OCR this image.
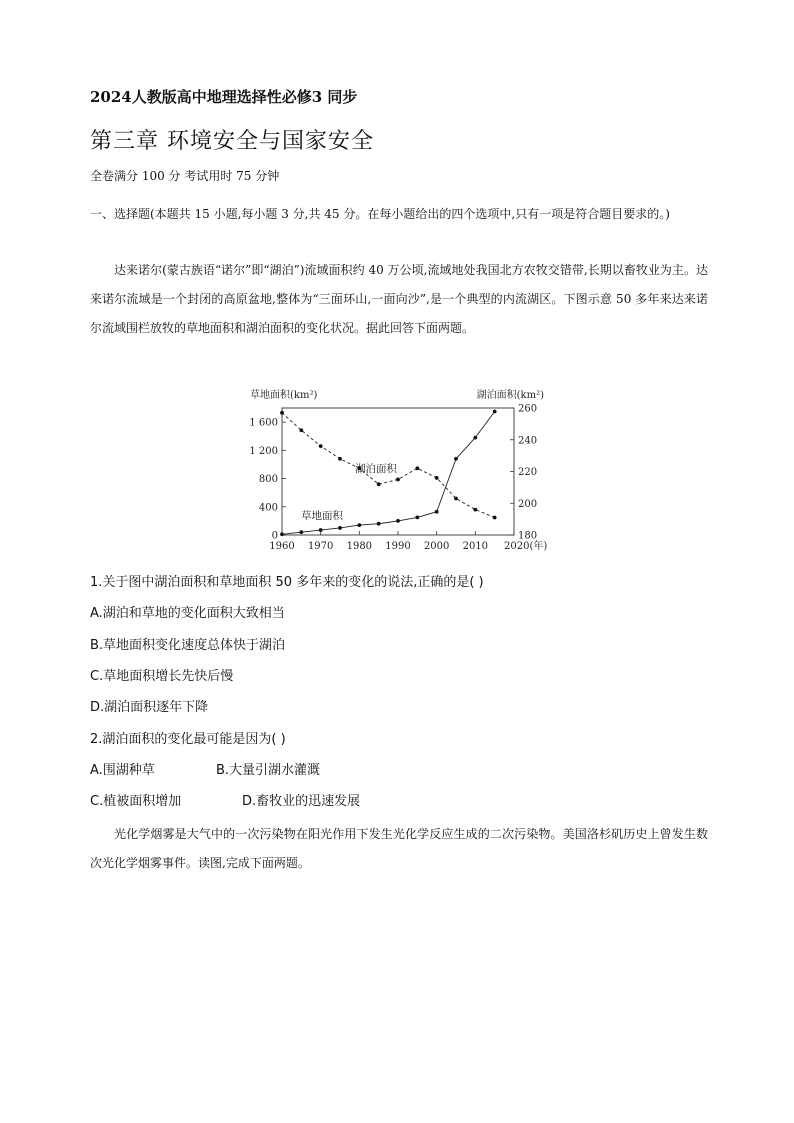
2024人教版高中地理选择性必修3 同步
第三章 环境安全与国家安全
全卷满分 100 分 考试用时 75 分钟
一、选择题(本题共 15 小题,每小题 3 分,共 45 分。在每小题给出的四个选项中,只有一项是符合题目要求的。)
达来诺尔(蒙古族语“诺尔”即“湖泊”)流域面积约 40 万公顷,流域地处我国北方农牧交错带,长期以畜牧业为主。达来诺尔流域是一个封闭的高原盆地,整体为“三面环山,一面向沙”,是一个典型的内流湖区。下图示意 50 多年来达来诺尔流域围栏放牧的草地面积和湖泊面积的变化状况。据此回答下面两题。
0
400
800
1 200
1 600
180
200
220
240
260
1960 1970 1980 1990 2000 2010 2020(年)
草地面积(km²)	湖泊面积(km²)
湖泊面积
草地面积
1.关于图中湖泊面积和草地面积 50 多年来的变化的说法,正确的是( )
A.湖泊和草地的变化面积大致相当
B.草地面积变化速度总体快于湖泊
C.草地面积增长先快后慢
D.湖泊面积逐年下降
2.湖泊面积的变化最可能是因为( )
A.围湖种草	B.大量引湖水灌溉
C.植被面积增加	D.畜牧业的迅速发展
光化学烟雾是大气中的一次污染物在阳光作用下发生光化学反应生成的二次污染物。美国洛杉矶历史上曾发生数次光化学烟雾事件。读图,完成下面两题。
